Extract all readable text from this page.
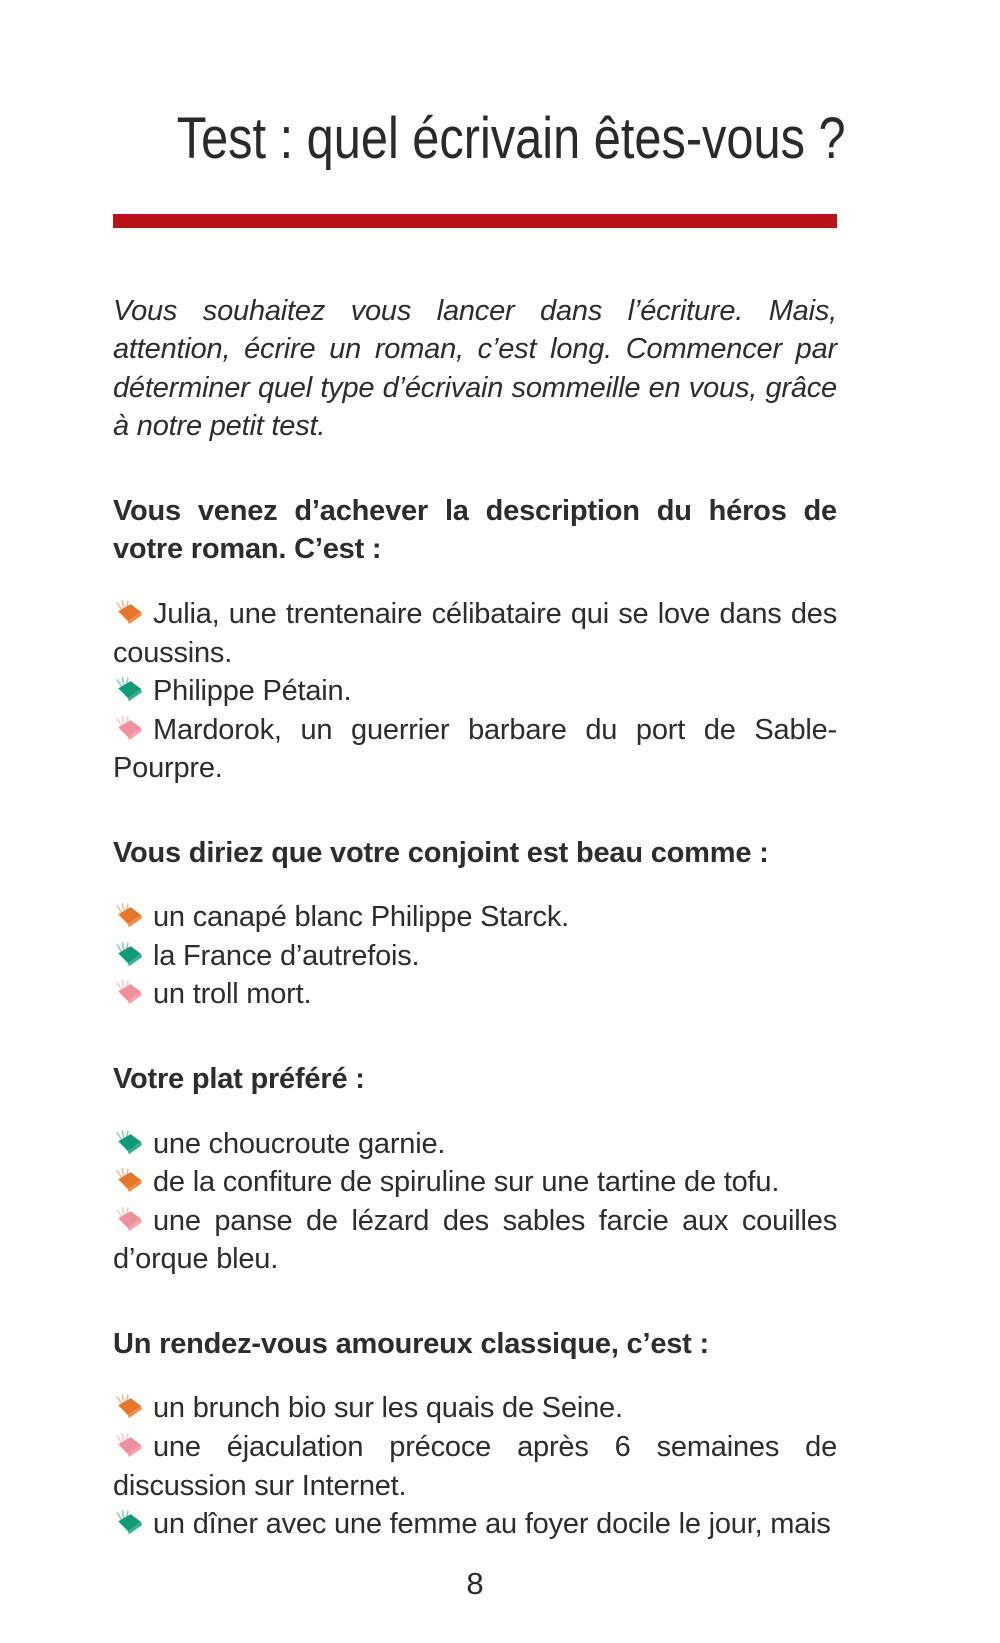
Test : quel écrivain êtes-vous ?

Vous souhaitez vous lancer dans l’écriture. Mais, attention, écrire un roman, c’est long. Commencer par déterminer quel type d’écrivain sommeille en vous, grâce à notre petit test.

Vous venez d’achever la description du héros de votre roman. C’est :

Julia, une trentenaire célibataire qui se love dans des coussins.

Philippe Pétain.

Mardorok, un guerrier barbare du port de Sable-Pourpre.

Vous diriez que votre conjoint est beau comme :

un canapé blanc Philippe Starck.

la France d’autrefois.

un troll mort.

Votre plat préféré :

une choucroute garnie.

de la confiture de spiruline sur une tartine de tofu.

une panse de lézard des sables farcie aux couilles d’orque bleu.

Un rendez-vous amoureux classique, c’est :

un brunch bio sur les quais de Seine.

une éjaculation précoce après 6 semaines de discussion sur Internet.

un dîner avec une femme au foyer docile le jour, mais

8
